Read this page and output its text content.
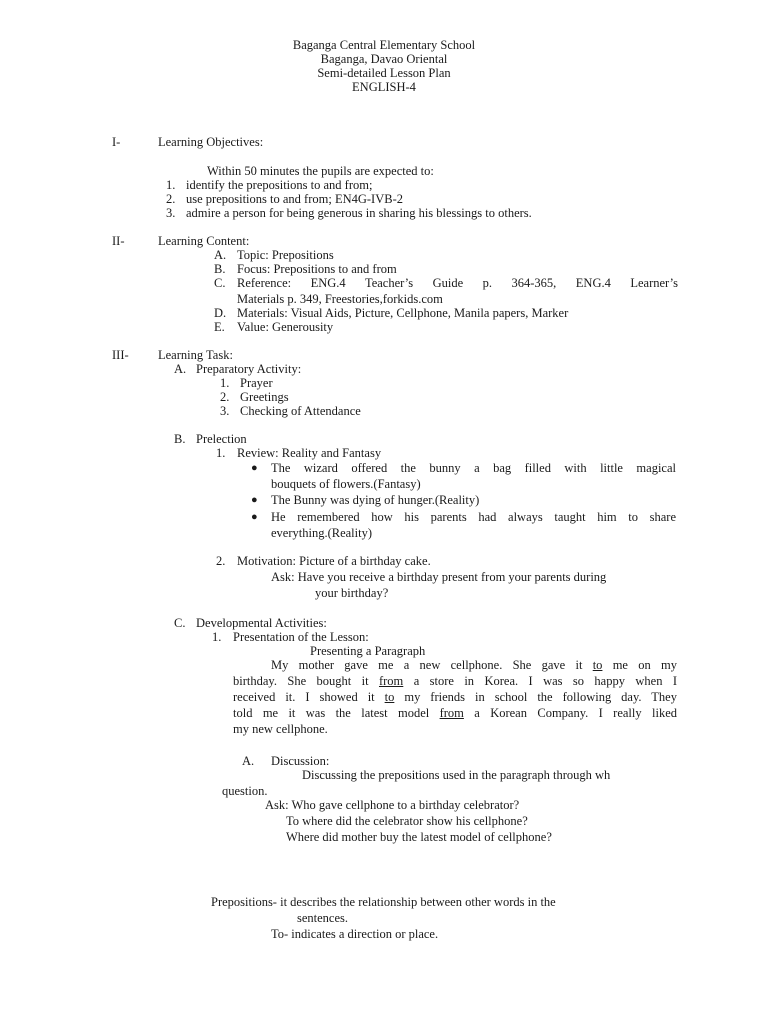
Baganga Central Elementary School
Baganga, Davao Oriental
Semi-detailed Lesson Plan
ENGLISH-4
I-	Learning Objectives:
Within 50 minutes the pupils are expected to:
1. identify the prepositions to and from;
2. use prepositions to and from; EN4G-IVB-2
3. admire a person for being generous in sharing his blessings to others.
II-	Learning Content:
A. Topic: Prepositions
B. Focus: Prepositions to and from
C. Reference: ENG.4 Teacher’s Guide p. 364-365, ENG.4 Learner’s
Materials p. 349, Freestories,forkids.com
D. Materials: Visual Aids, Picture, Cellphone, Manila papers, Marker
E. Value: Generousity
III- Learning Task:
A. Preparatory Activity:
1. Prayer
2. Greetings
3. Checking of Attendance
B. Prelection
1. Review: Reality and Fantasy
● The wizard offered the bunny a bag filled with little magical
bouquets of flowers.(Fantasy)
● The Bunny was dying of hunger.(Reality)
● He remembered how his parents had always taught him to share
everything.(Reality)
2. Motivation: Picture of a birthday cake.
Ask: Have you receive a birthday present from your parents during
your birthday?
C. Developmental Activities:
1. Presentation of the Lesson:
Presenting a Paragraph
My mother gave me a new cellphone. She gave it to me on my
birthday. She bought it from a store in Korea. I was so happy when I
received it. I showed it to my friends in school the following day. They
told me it was the latest model from a Korean Company. I really liked
my new cellphone.
A. Discussion:
Discussing the prepositions used in the paragraph through wh
question.
Ask: Who gave cellphone to a birthday celebrator?
To where did the celebrator show his cellphone?
Where did mother buy the latest model of cellphone?
Prepositions- it describes the relationship between other words in the
sentences.
To- indicates a direction or place.
